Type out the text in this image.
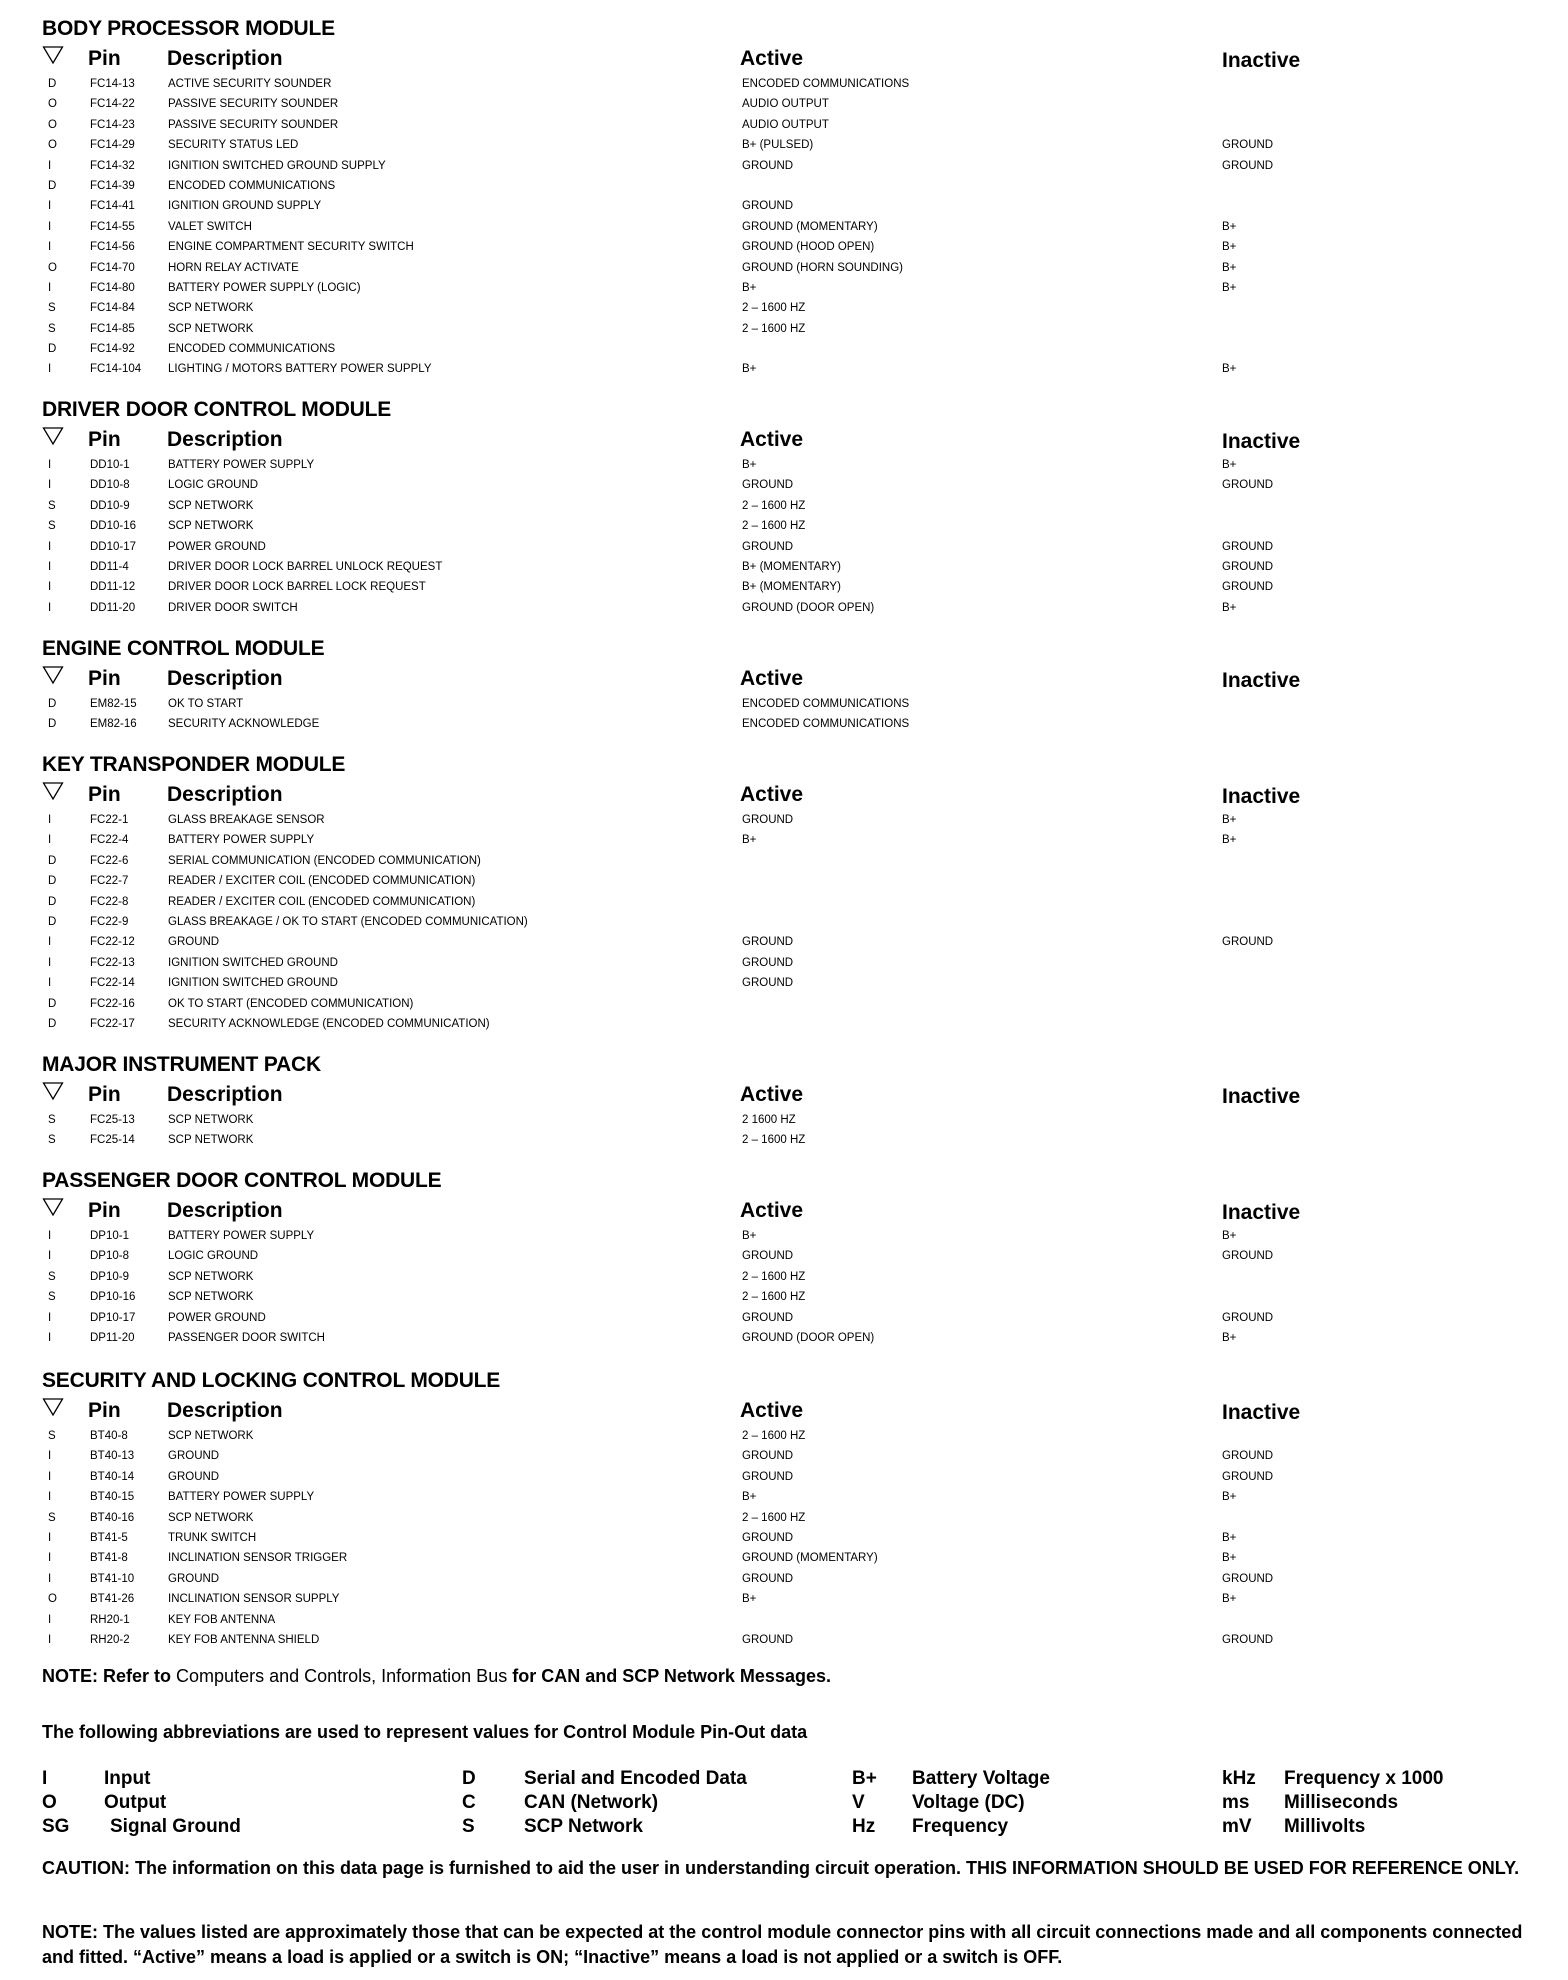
BODY PROCESSOR MODULE
Pin Description	Active	Inactive
D	FC14-13	ACTIVE SECURITY SOUNDER	ENCODED COMMUNICATIONS
O	FC14-22	PASSIVE SECURITY SOUNDER	AUDIO OUTPUT
O	FC14-23	PASSIVE SECURITY SOUNDER	AUDIO OUTPUT
O	FC14-29	SECURITY STATUS LED	B+ (PULSED)	GROUND
I	FC14-32	IGNITION SWITCHED GROUND SUPPLY	GROUND	GROUND
D	FC14-39	ENCODED COMMUNICATIONS
I	FC14-41	IGNITION GROUND SUPPLY	GROUND
I	FC14-55	VALET SWITCH	GROUND (MOMENTARY)	B+
I	FC14-56	ENGINE COMPARTMENT SECURITY SWITCH	GROUND (HOOD OPEN)	B+
O	FC14-70	HORN RELAY ACTIVATE	GROUND (HORN SOUNDING)	B+
I	FC14-80	BATTERY POWER SUPPLY (LOGIC)	B+	B+
S	FC14-84	SCP NETWORK	2 – 1600 HZ
S	FC14-85	SCP NETWORK	2 – 1600 HZ
D	FC14-92	ENCODED COMMUNICATIONS
I	FC14-104 LIGHTING / MOTORS BATTERY POWER SUPPLY	B+	B+
DRIVER DOOR CONTROL MODULE
Pin Description	Active	Inactive
I	DD10-1	BATTERY POWER SUPPLY	B+	B+
I	DD10-8	LOGIC GROUND	GROUND	GROUND
S	DD10-9	SCP NETWORK	2 – 1600 HZ
S	DD10-16	SCP NETWORK	2 – 1600 HZ
I	DD10-17	POWER GROUND	GROUND	GROUND
I	DD11-4	DRIVER DOOR LOCK BARREL UNLOCK REQUEST	B+ (MOMENTARY)	GROUND
I	DD11-12	DRIVER DOOR LOCK BARREL LOCK REQUEST	B+ (MOMENTARY)	GROUND
I	DD11-20	DRIVER DOOR SWITCH	GROUND (DOOR OPEN)	B+
ENGINE CONTROL MODULE
Pin Description	Active	Inactive
D	EM82-15	OK TO START	ENCODED COMMUNICATIONS
D	EM82-16	SECURITY ACKNOWLEDGE	ENCODED COMMUNICATIONS
KEY TRANSPONDER MODULE
Pin Description	Active	Inactive
I	FC22-1	GLASS BREAKAGE SENSOR	GROUND	B+
I	FC22-4	BATTERY POWER SUPPLY	B+	B+
D	FC22-6	SERIAL COMMUNICATION (ENCODED COMMUNICATION)
D	FC22-7	READER / EXCITER COIL (ENCODED COMMUNICATION)
D	FC22-8	READER / EXCITER COIL (ENCODED COMMUNICATION)
D	FC22-9	GLASS BREAKAGE / OK TO START (ENCODED COMMUNICATION)
I	FC22-12	GROUND	GROUND	GROUND
I	FC22-13	IGNITION SWITCHED GROUND	GROUND
I	FC22-14	IGNITION SWITCHED GROUND	GROUND
D	FC22-16	OK TO START (ENCODED COMMUNICATION)
D	FC22-17	SECURITY ACKNOWLEDGE (ENCODED COMMUNICATION)
MAJOR INSTRUMENT PACK
Pin Description	Active	Inactive
S	FC25-13	SCP NETWORK	2 1600 HZ
S	FC25-14	SCP NETWORK	2 – 1600 HZ
PASSENGER DOOR CONTROL MODULE
Pin Description	Active	Inactive
I	DP10-1	BATTERY POWER SUPPLY	B+	B+
I	DP10-8	LOGIC GROUND	GROUND	GROUND
S	DP10-9	SCP NETWORK	2 – 1600 HZ
S	DP10-16	SCP NETWORK	2 – 1600 HZ
I	DP10-17	POWER GROUND	GROUND	GROUND
I	DP11-20	PASSENGER DOOR SWITCH	GROUND (DOOR OPEN)	B+
SECURITY AND LOCKING CONTROL MODULE
Pin Description	Active	Inactive
S	BT40-8	SCP NETWORK	2 – 1600 HZ
I	BT40-13	GROUND	GROUND	GROUND
I	BT40-14	GROUND	GROUND	GROUND
I	BT40-15	BATTERY POWER SUPPLY	B+	B+
S	BT40-16	SCP NETWORK	2 – 1600 HZ
I	BT41-5	TRUNK SWITCH	GROUND	B+
I	BT41-8	INCLINATION SENSOR TRIGGER	GROUND (MOMENTARY)	B+
I	BT41-10	GROUND	GROUND	GROUND
O	BT41-26	INCLINATION SENSOR SUPPLY	B+	B+
I	RH20-1	KEY FOB ANTENNA
I	RH20-2	KEY FOB ANTENNA SHIELD	GROUND	GROUND
NOTE: Refer to Computers and Controls, Information Bus for CAN and SCP Network Messages.
The following abbreviations are used to represent values for Control Module Pin-Out data
I	Input
O Output
SG Signal Ground
D	Serial and Encoded Data
C	CAN (Network)
S	SCP Network
B+ Battery Voltage
V Voltage (DC)
Hz Frequency
kHz Frequency x 1000
ms Milliseconds
mV Millivolts
CAUTION: The information on this data page is furnished to aid the user in understanding circuit operation. THIS INFORMATION SHOULD BE USED FOR REFERENCE ONLY.
NOTE: The values listed are approximately those that can be expected at the control module connector pins with all circuit connections made and all components connected and fitted. “Active” means a load is applied or a switch is ON; “Inactive” means a load is not applied or a switch is OFF.
